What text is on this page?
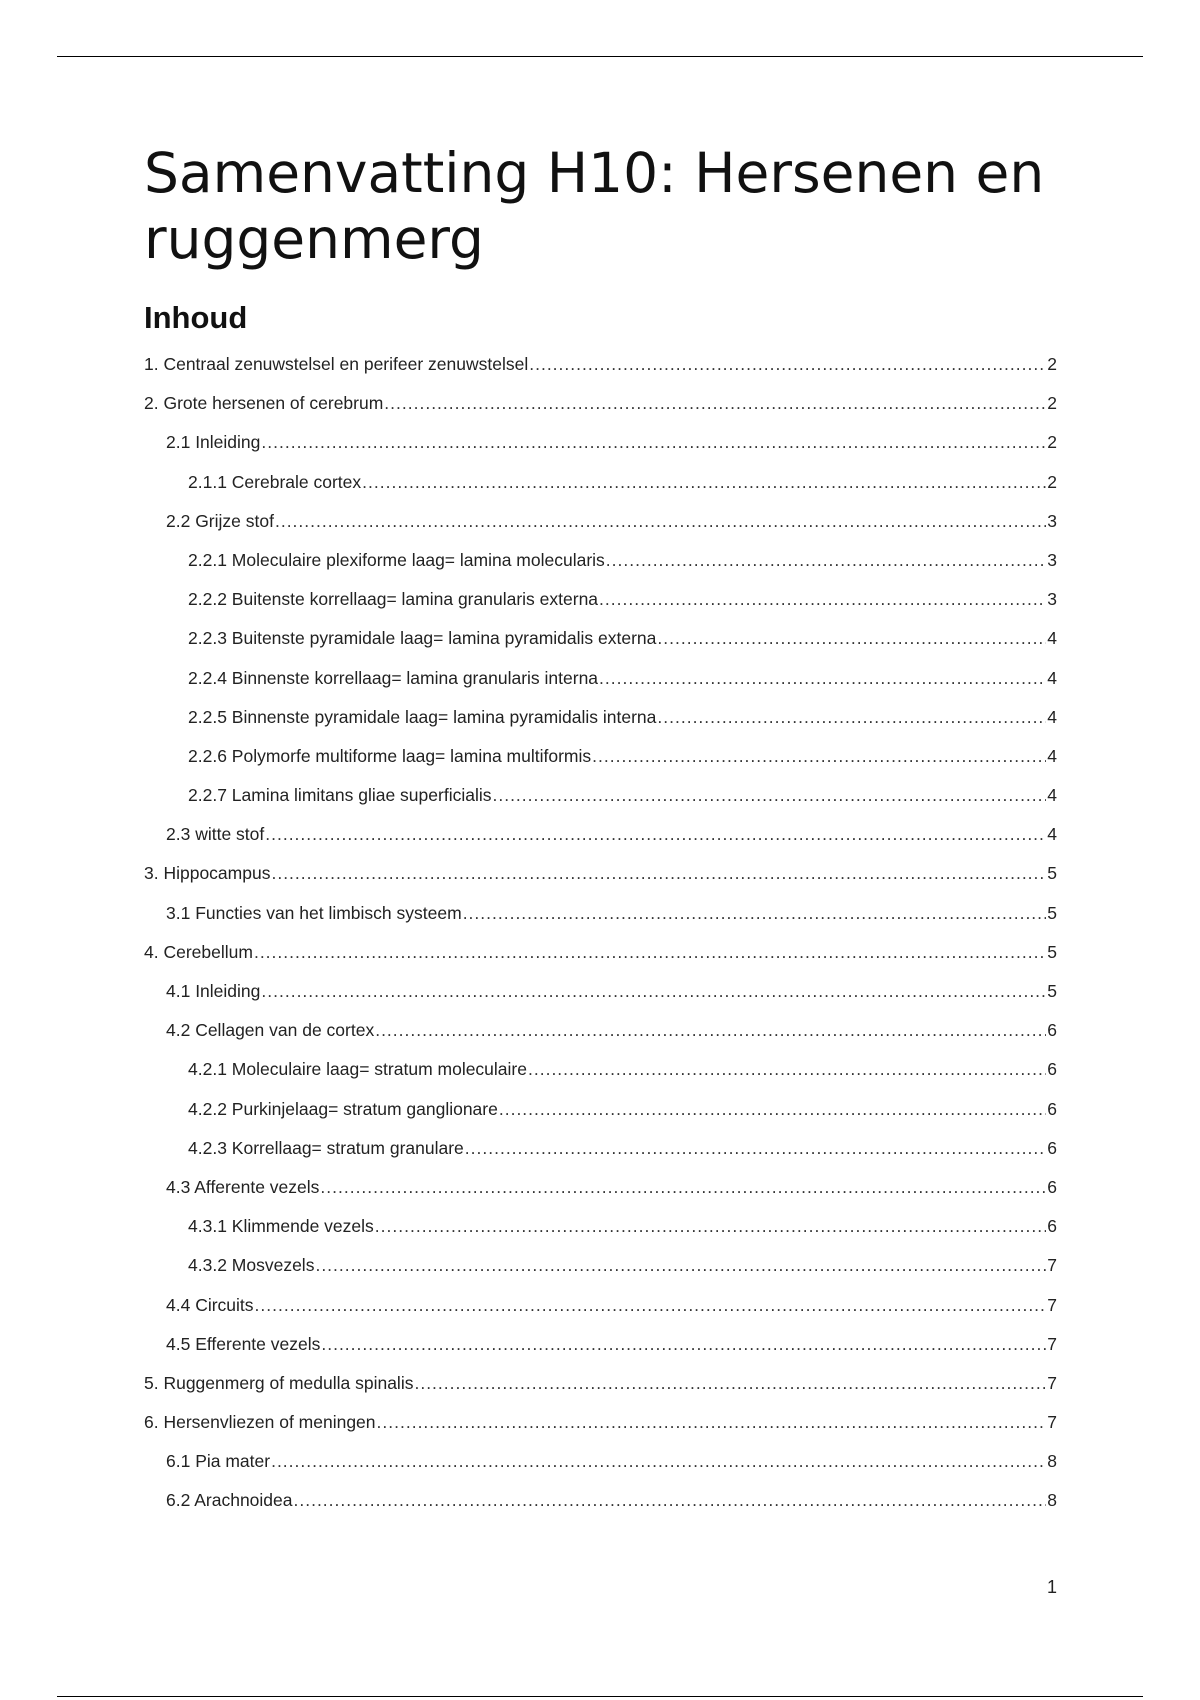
Samenvatting H10: Hersenen en ruggenmerg
Inhoud
1. Centraal zenuwstelsel en perifeer zenuwstelsel .....	2
2. Grote hersenen of cerebrum .....	2
2.1 Inleiding .....	2
2.1.1 Cerebrale cortex .....	2
2.2 Grijze stof .....	3
2.2.1 Moleculaire plexiforme laag= lamina molecularis .....	3
2.2.2 Buitenste korrellaag= lamina granularis externa .....	3
2.2.3 Buitenste pyramidale laag= lamina pyramidalis externa .....	4
2.2.4 Binnenste korrellaag= lamina granularis interna .....	4
2.2.5 Binnenste pyramidale laag= lamina pyramidalis interna .....	4
2.2.6 Polymorfe multiforme laag= lamina multiformis .....	4
2.2.7 Lamina limitans gliae superficialis .....	4
2.3 witte stof .....	4
3. Hippocampus .....	5
3.1 Functies van het limbisch systeem .....	5
4. Cerebellum .....	5
4.1 Inleiding .....	5
4.2 Cellagen van de cortex .....	6
4.2.1 Moleculaire laag= stratum moleculaire .....	6
4.2.2 Purkinjelaag= stratum ganglionare .....	6
4.2.3 Korrellaag= stratum granulare .....	6
4.3 Afferente vezels .....	6
4.3.1 Klimmende vezels .....	6
4.3.2 Mosvezels .....	7
4.4 Circuits .....	7
4.5 Efferente vezels .....	7
5. Ruggenmerg of medulla spinalis .....	7
6. Hersenvliezen of meningen .....	7
6.1 Pia mater .....	8
6.2 Arachnoidea .....	8
1
